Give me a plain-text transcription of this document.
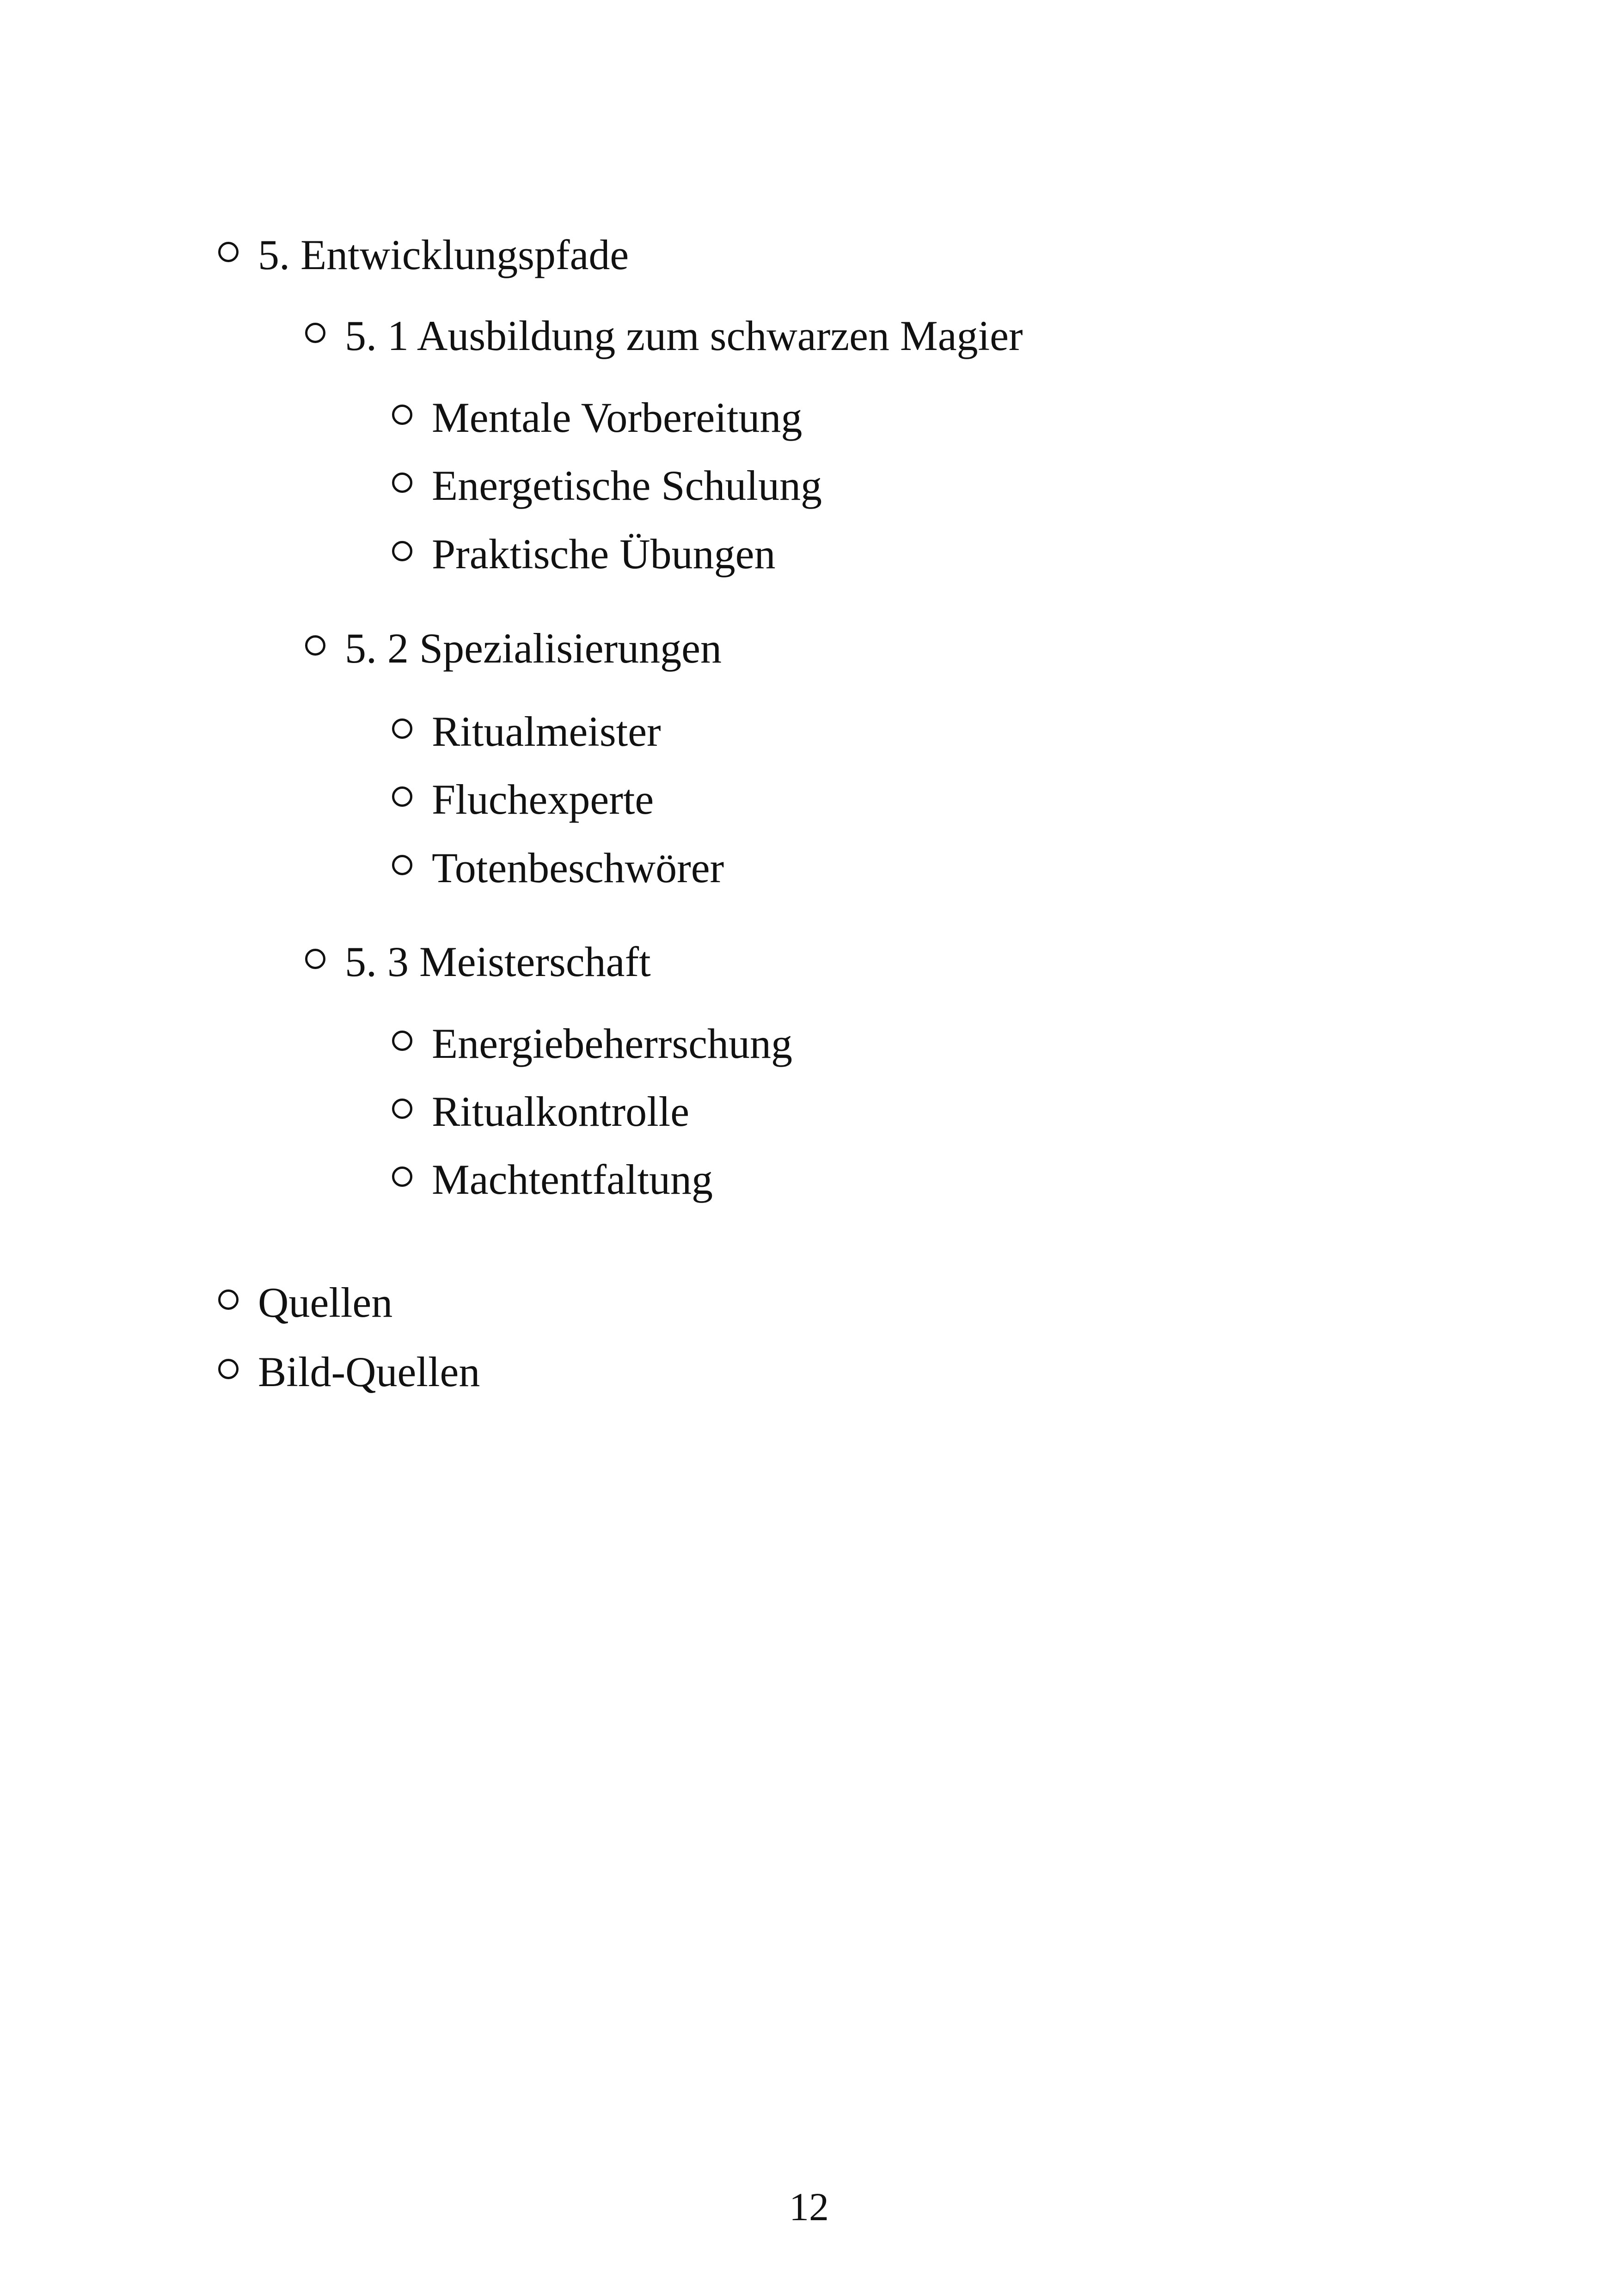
5. Entwicklungspfade
5. 1 Ausbildung zum schwarzen Magier
Mentale Vorbereitung
Energetische Schulung
Praktische Übungen
5. 2 Spezialisierungen
Ritualmeister
Fluchexperte
Totenbeschwörer
5. 3 Meisterschaft
Energiebeherrschung
Ritualkontrolle
Machtentfaltung
Quellen
Bild-Quellen
12
